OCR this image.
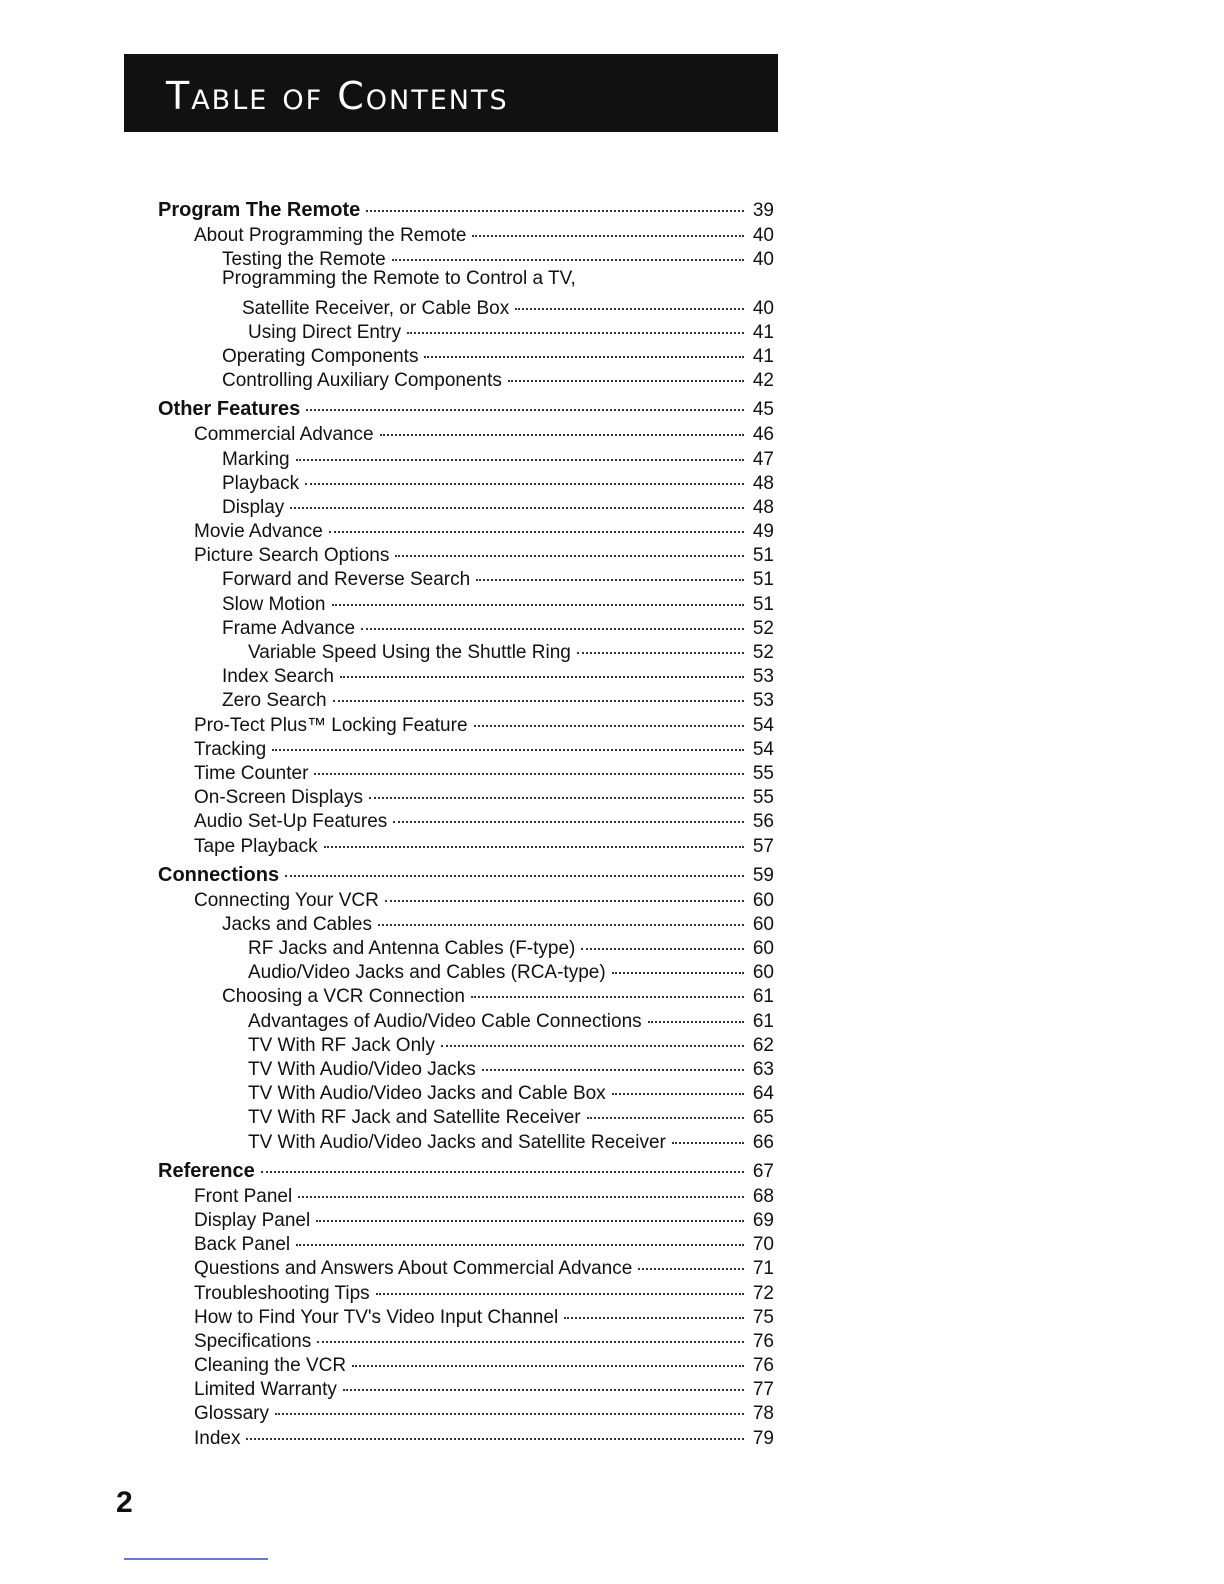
Table of Contents
Program The Remote	39
About Programming the Remote	40
Testing the Remote	40
Programming the Remote to Control a TV,
Satellite Receiver, or Cable Box	40
Using Direct Entry	41
Operating Components	41
Controlling Auxiliary Components	42
Other Features	45
Commercial Advance	46
Marking	47
Playback	48
Display	48
Movie Advance	49
Picture Search Options	51
Forward and Reverse Search	51
Slow Motion	51
Frame Advance	52
Variable Speed Using the Shuttle Ring	52
Index Search	53
Zero Search	53
Pro-Tect Plus™ Locking Feature	54
Tracking	54
Time Counter	55
On-Screen Displays	55
Audio Set-Up Features	56
Tape Playback	57
Connections	59
Connecting Your VCR	60
Jacks and Cables	60
RF Jacks and Antenna Cables (F-type)	60
Audio/Video Jacks and Cables (RCA-type)	60
Choosing a VCR Connection	61
Advantages of Audio/Video Cable Connections	61
TV With RF Jack Only	62
TV With Audio/Video Jacks	63
TV With Audio/Video Jacks and Cable Box	64
TV With RF Jack and Satellite Receiver	65
TV With Audio/Video Jacks and Satellite Receiver	66
Reference	67
Front Panel	68
Display Panel	69
Back Panel	70
Questions and Answers About Commercial Advance	71
Troubleshooting Tips	72
How to Find Your TV's Video Input Channel	75
Specifications	76
Cleaning the VCR	76
Limited Warranty	77
Glossary	78
Index	79
2
